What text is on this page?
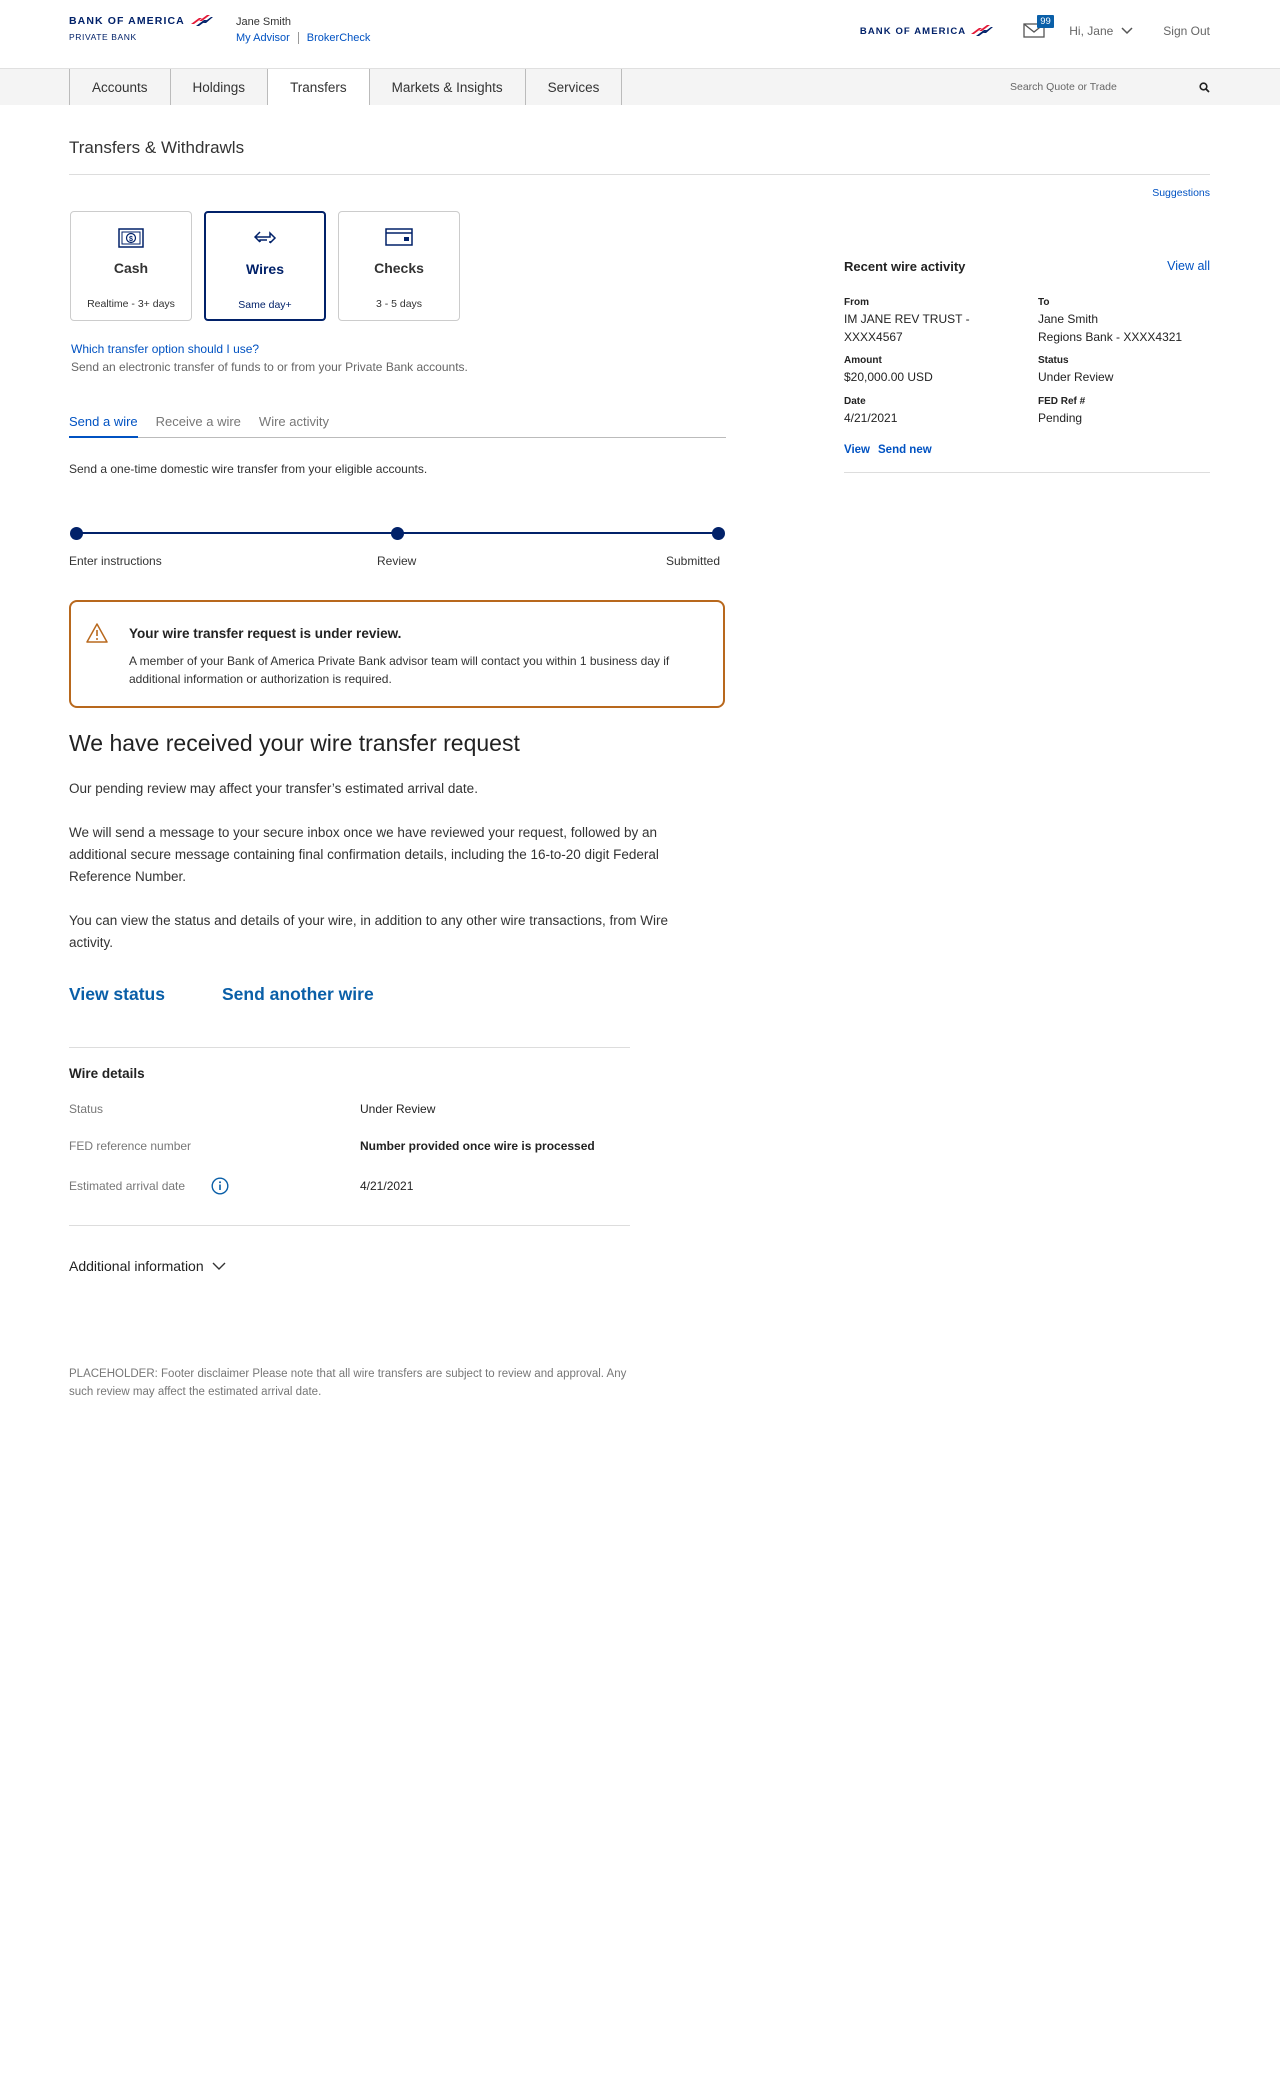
BANK OF AMERICA
PRIVATE BANK
Jane Smith
My Advisor BrokerCheck
BANK OF AMERICA
99
Hi, Jane	Sign Out
Accounts	Holdings	Transfers	Markets & Insights	Services	Search Quote or Trade
Transfers & Withdrawls
Suggestions
$
Cash
Realtime - 3+ days
Wires
Same day+
Checks
3 - 5 days
Which transfer option should I use?
Send an electronic transfer of funds to or from your Private Bank accounts.
Send a wire Receive a wire Wire activity
Send a one-time domestic wire transfer from your eligible accounts.
Enter instructions	Review	Submitted
Your wire transfer request is under review.
A member of your Bank of America Private Bank advisor team will contact you within 1 business day if additional information or authorization is required.
We have received your wire transfer request
Our pending review may affect your transfer’s estimated arrival date.
We will send a message to your secure inbox once we have reviewed your request, followed by an additional secure message containing final confirmation details, including the 16-to-20 digit Federal Reference Number.
You can view the status and details of your wire, in addition to any other wire transactions, from Wire activity.
View status	Send another wire
Wire details
Status	Under Review
FED reference number	Number provided once wire is processed
Estimated arrival date	4/21/2021
Additional information
PLACEHOLDER: Footer disclaimer Please note that all wire transfers are subject to review and approval. Any such review may affect the estimated arrival date.
Recent wire activity	View all
From
IM JANE REV TRUST - XXXX4567
To
Jane Smith
Regions Bank - XXXX4321
Amount
$20,000.00 USD
Status
Under Review
Date
4/21/2021
FED Ref #
Pending
View Send new
